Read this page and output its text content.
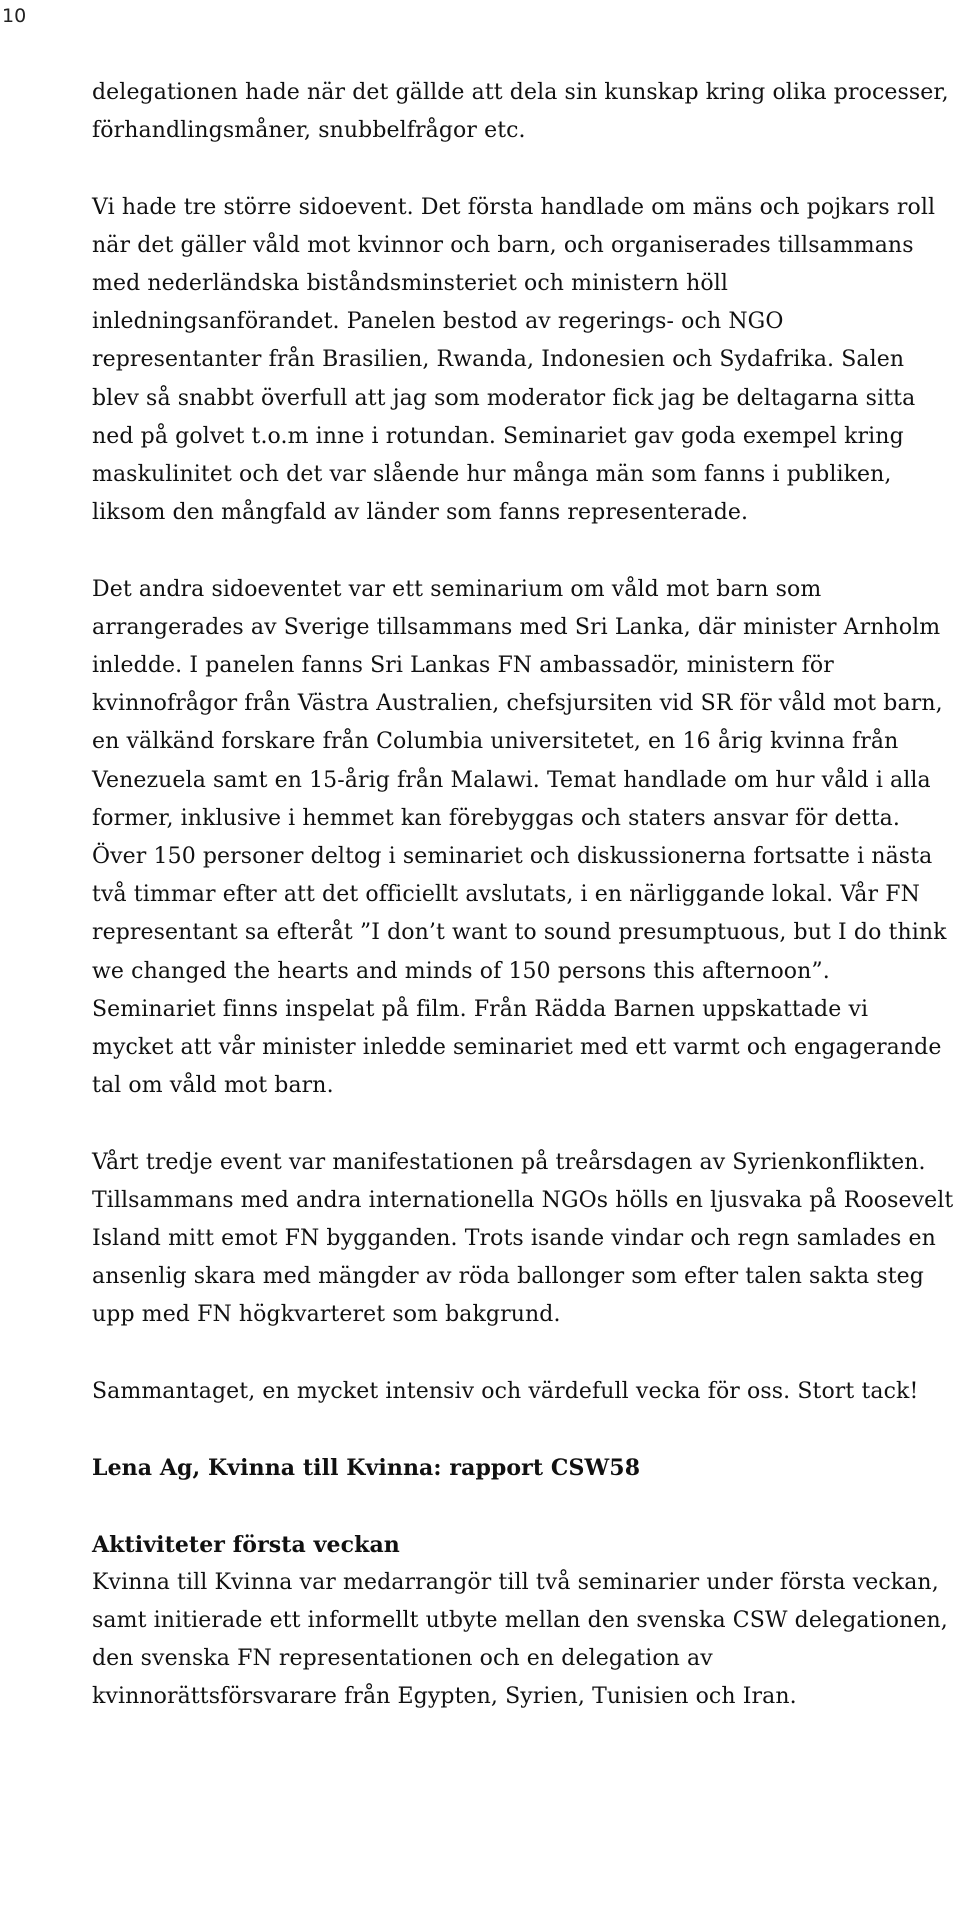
10

delegationen hade när det gällde att dela sin kunskap kring olika processer, förhandlingsmåner, snubbelfrågor etc.

Vi hade tre större sidoevent. Det första handlade om mäns och pojkars roll när det gäller våld mot kvinnor och barn, och organiserades tillsammans med nederländska biståndsminsteriet och ministern höll inledningsanförandet. Panelen bestod av regerings- och NGO representanter från Brasilien, Rwanda, Indonesien och Sydafrika. Salen blev så snabbt överfull att jag som moderator fick jag be deltagarna sitta ned på golvet t.o.m inne i rotundan. Seminariet gav goda exempel kring maskulinitet och det var slående hur många män som fanns i publiken, liksom den mångfald av länder som fanns representerade.

Det andra sidoeventet var ett seminarium om våld mot barn som arrangerades av Sverige tillsammans med Sri Lanka, där minister Arnholm inledde. I panelen fanns Sri Lankas FN ambassadör, ministern för kvinnofrågor från Västra Australien, chefsjursiten vid SR för våld mot barn, en välkänd forskare från Columbia universitetet, en 16 årig kvinna från Venezuela samt en 15-årig från Malawi. Temat handlade om hur våld i alla former, inklusive i hemmet kan förebyggas och staters ansvar för detta. Över 150 personer deltog i seminariet och diskussionerna fortsatte i nästa två timmar efter att det officiellt avslutats, i en närliggande lokal. Vår FN representant sa efteråt ”I don’t want to sound presumptuous, but I do think we changed the hearts and minds of 150 persons this afternoon”. Seminariet finns inspelat på film. Från Rädda Barnen uppskattade vi mycket att vår minister inledde seminariet med ett varmt och engagerande tal om våld mot barn.

Vårt tredje event var manifestationen på treårsdagen av Syrienkonflikten. Tillsammans med andra internationella NGOs hölls en ljusvaka på Roosevelt Island mitt emot FN bygganden. Trots isande vindar och regn samlades en ansenlig skara med mängder av röda ballonger som efter talen sakta steg upp med FN högkvarteret som bakgrund.

Sammantaget, en mycket intensiv och värdefull vecka för oss. Stort tack!

Lena Ag, Kvinna till Kvinna: rapport CSW58
Aktiviteter första veckan

Kvinna till Kvinna var medarrangör till två seminarier under första veckan, samt initierade ett informellt utbyte mellan den svenska CSW delegationen, den svenska FN representationen och en delegation av kvinnorättsförsvarare från Egypten, Syrien, Tunisien och Iran.
